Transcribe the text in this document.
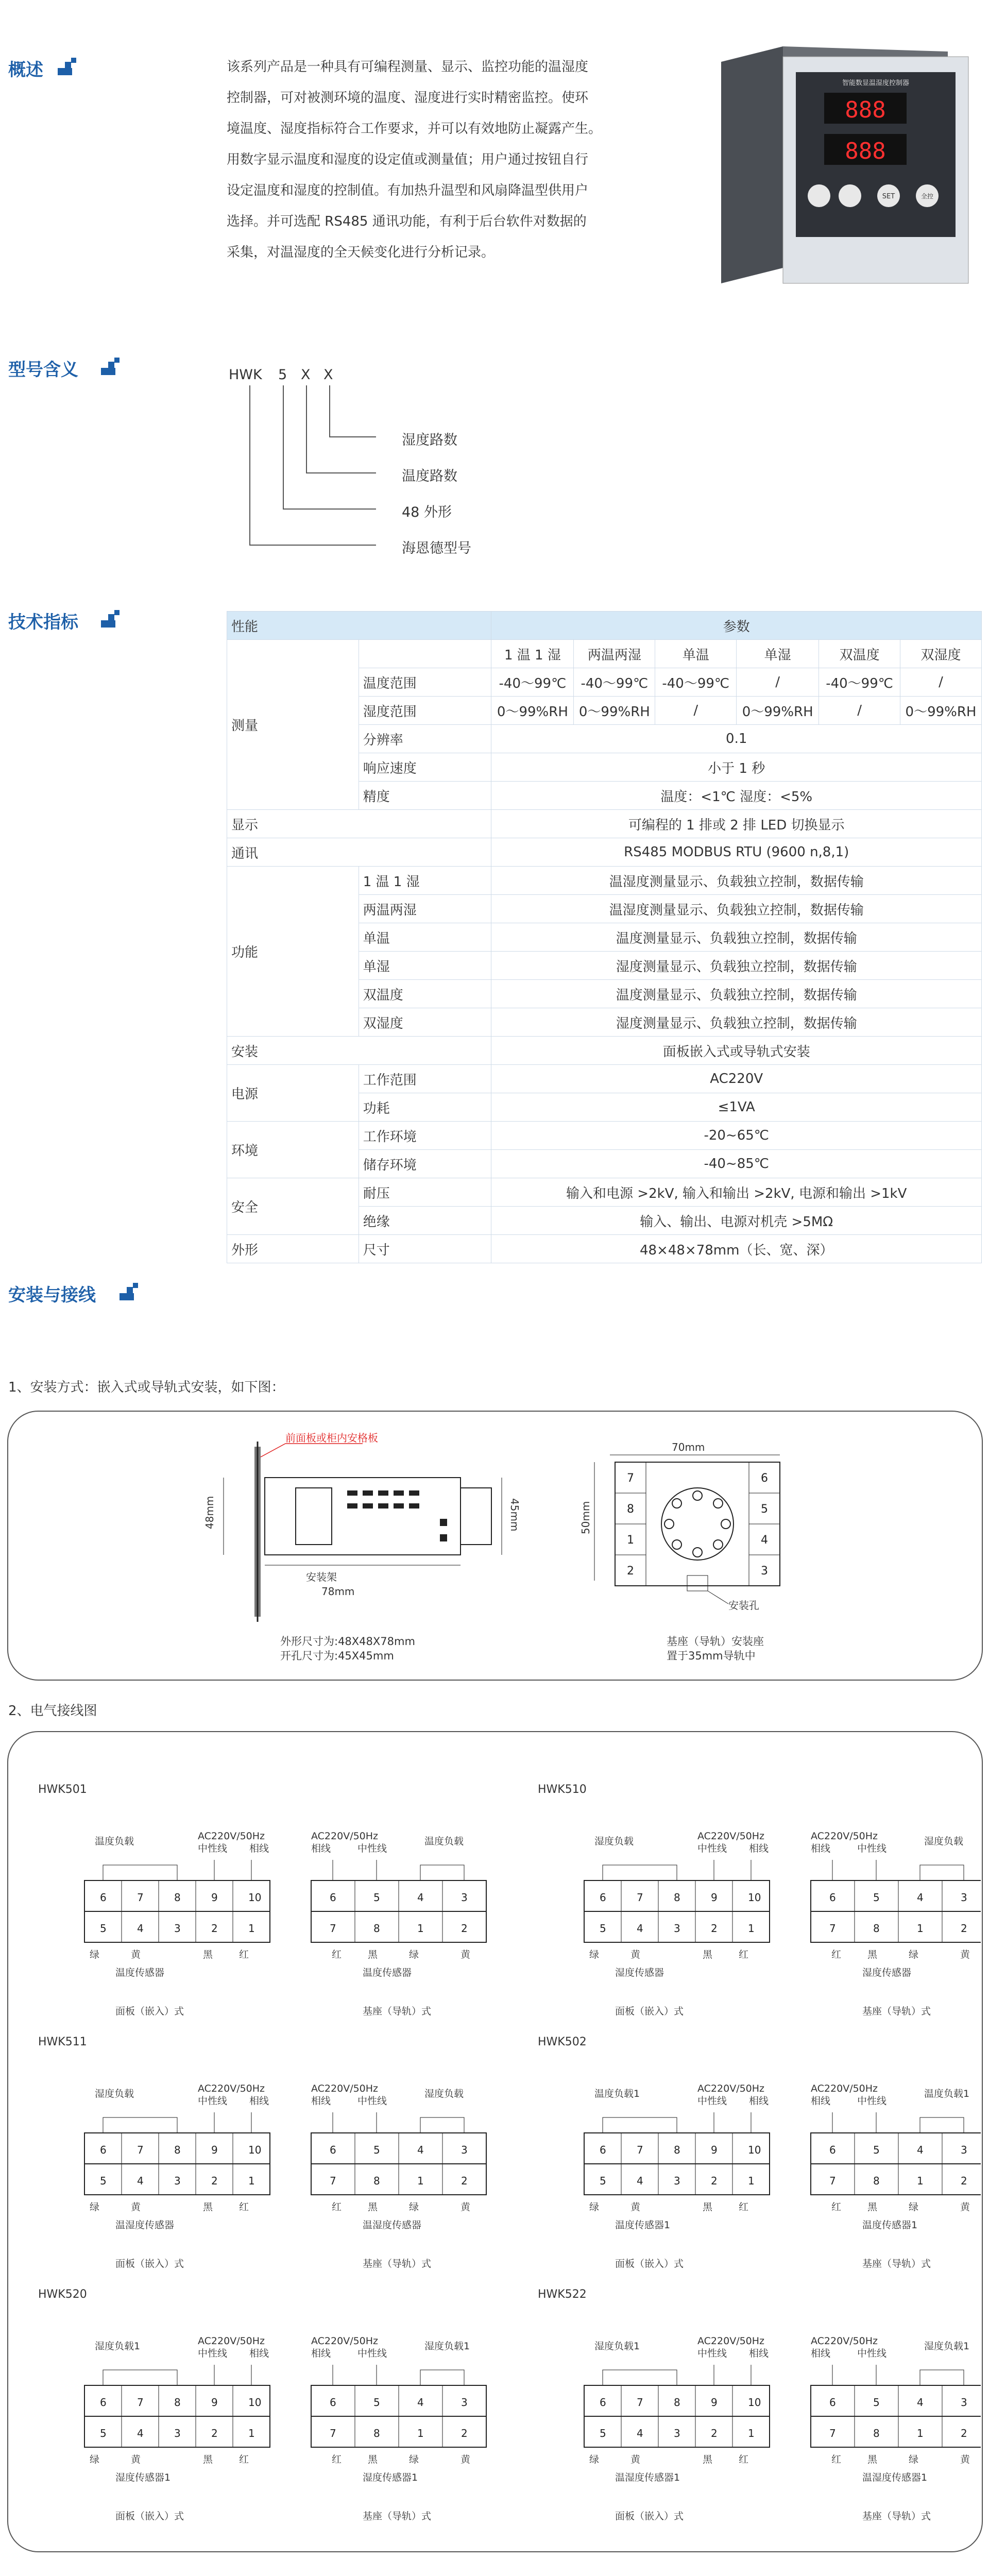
概述	该系列产品是一种具有可编程测量、显示、监控功能的温湿度
控制器，可对被测环境的温度、湿度进行实时精密监控。使环
境温度、湿度指标符合工作要求，并可以有效地防止凝露产生。
用数字显示温度和湿度的设定值或测量值；用户通过按钮自行
设定温度和湿度的控制值。有加热升温型和风扇降温型供用户
选择。并可选配 RS485 通讯功能，有利于后台软件对数据的
采集，对温湿度的全天候变化进行分析记录。
智能数显温湿度控制器
888
888
SET	全控
型号含义	HWK 5 X X
湿度路数
温度路数
48 外形
海恩德型号
技术指标	性能		参数					
测量		1 温 1 湿	两温两湿	单温	单湿	双温度	双湿度
	温度范围	-40～99℃	-40～99℃	-40～99℃	/	-40～99℃	/
	湿度范围	0～99%RH	0～99%RH	/	0～99%RH	/	0～99%RH
	分辨率	0.1					
	响应速度	小于 1 秒					
	精度	温度：<1℃ 湿度：<5%					
显示		可编程的 1 排或 2 排 LED 切换显示					
通讯		RS485 MODBUS RTU (9600 n,8,1)					
功能	1 温 1 湿	温湿度测量显示、负载独立控制，数据传输					
	两温两湿	温湿度测量显示、负载独立控制，数据传输					
	单温	温度测量显示、负载独立控制，数据传输					
	单湿	湿度测量显示、负载独立控制，数据传输					
	双温度	温度测量显示、负载独立控制，数据传输					
	双湿度	湿度测量显示、负载独立控制，数据传输					
安装		面板嵌入式或导轨式安装					
电源	工作范围	AC220V					
	功耗	≤1VA					
环境	工作环境	-20~65℃					
	储存环境	-40~85℃					
安全	耐压	输入和电源 >2kV, 输入和输出 >2kV, 电源和输出 >1kV					
	绝缘	输入、输出、电源对机壳 >5MΩ					
外形	尺寸	48×48×78mm（长、宽、深）					
安装与接线
1、安装方式：嵌入式或导轨式安装，如下图：
前面板或柜内安格板
安装架
78mm
48mm	45mm
外形尺寸为:48X48X78mm
开孔尺寸为:45X45mm
70mm
50mm
7
8
1
2
6
5
4
3
安装孔
基座（导轨）安装座
置于35mm导轨中
2、电气接线图
HWK501
温度负载	AC220V/50Hz
中性线 相线
6
5
7
4
8
3
9
2
10
1
绿	黄	黑	红
温度传感器
面板（嵌入）式
AC220V/50Hz
相线	中性线
温度负载
6
7
5
8
4
1
3
2
红	黑	绿	黄
温度传感器
基座（导轨）式
HWK510
湿度负载	AC220V/50Hz
中性线 相线
6
5
7
4
8
3
9
2
10
1
绿	黄	黑	红
湿度传感器
面板（嵌入）式
AC220V/50Hz
相线	中性线
湿度负载
6
7
5
8
4
1
3
2
红	黑	绿	黄
湿度传感器
基座（导轨）式
HWK511
湿度负载	AC220V/50Hz
中性线 相线
6
5
7
4
8
3
9
2
10
1
绿	黄	黑	红
温湿度传感器
面板（嵌入）式
AC220V/50Hz
相线	中性线
湿度负载
6
7
5
8
4
1
3
2
红	黑	绿	黄
温湿度传感器
基座（导轨）式
HWK502
温度负载1	AC220V/50Hz
中性线 相线
6
5
7
4
8
3
9
2
10
1
绿	黄	黑	红
温度传感器1
面板（嵌入）式
AC220V/50Hz
相线	中性线
温度负载1
6
7
5
8
4
1
3
2
红	黑	绿	黄
温度传感器1
基座（导轨）式
HWK520
湿度负载1	AC220V/50Hz
中性线 相线
6
5
7
4
8
3
9
2
10
1
绿	黄	黑	红
湿度传感器1
面板（嵌入）式
AC220V/50Hz
相线	中性线
湿度负载1
6
7
5
8
4
1
3
2
红	黑	绿	黄
湿度传感器1
基座（导轨）式
HWK522
湿度负载1	AC220V/50Hz
中性线 相线
6
5
7
4
8
3
9
2
10
1
绿	黄	黑	红
温湿度传感器1
面板（嵌入）式
AC220V/50Hz
相线	中性线
湿度负载1
6
7
5
8
4
1
3
2
红	黑	绿	黄
温湿度传感器1
基座（导轨）式
